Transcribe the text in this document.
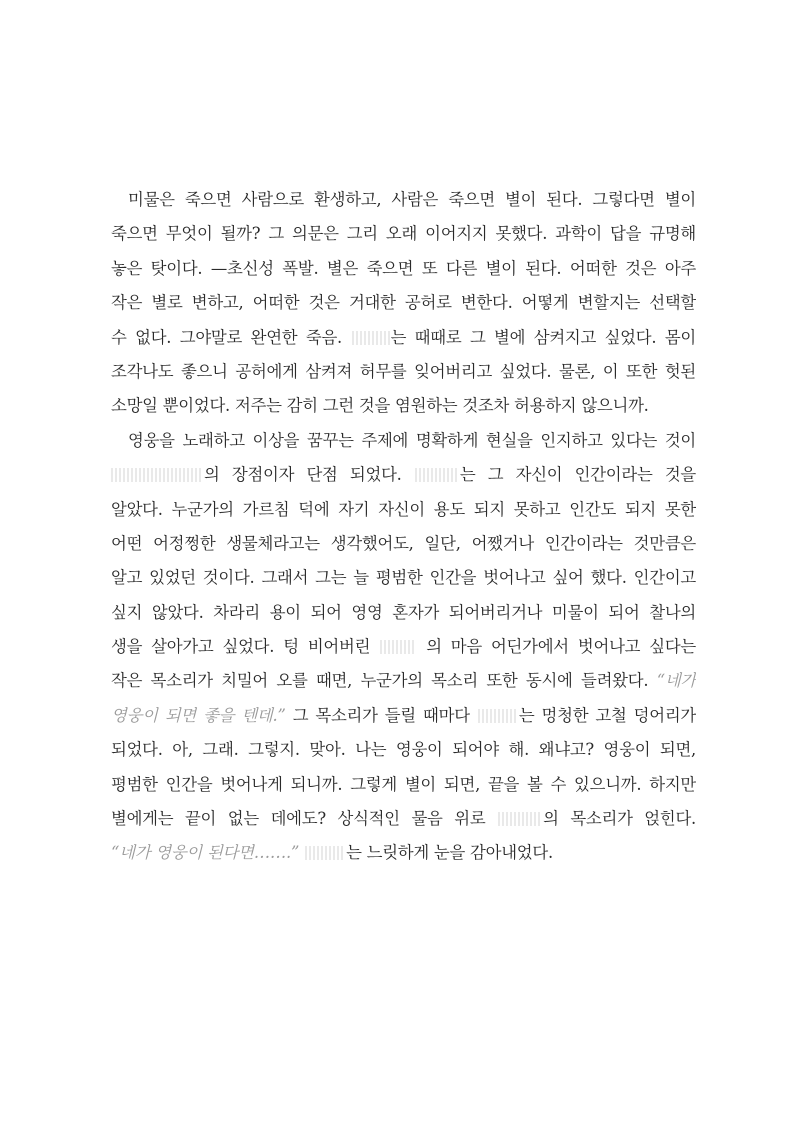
미물은 죽으면 사람으로 환생하고, 사람은 죽으면 별이 된다. 그렇다면 별이
죽으면 무엇이 될까? 그 의문은 그리 오래 이어지지 못했다. 과학이 답을 규명해
놓은 탓이다. —초신성 폭발. 별은 죽으면 또 다른 별이 된다. 어떠한 것은 아주
작은 별로 변하고, 어떠한 것은 거대한 공허로 변한다. 어떻게 변할지는 선택할
수 없다. 그야말로 완연한 죽음.	는 때때로 그 별에 삼켜지고 싶었다. 몸이
조각나도 좋으니 공허에게 삼켜져 허무를 잊어버리고 싶었다. 물론, 이 또한 헛된
소망일 뿐이었다. 저주는 감히 그런 것을 염원하는 것조차 허용하지 않으니까.
영웅을 노래하고 이상을 꿈꾸는 주제에 명확하게 현실을 인지하고 있다는 것이
의 장점이자 단점 되었다.	는 그 자신이 인간이라는 것을
알았다. 누군가의 가르침 덕에 자기 자신이 용도 되지 못하고 인간도 되지 못한
어떤 어정쩡한 생물체라고는 생각했어도, 일단, 어쨌거나 인간이라는 것만큼은
알고 있었던 것이다. 그래서 그는 늘 평범한 인간을 벗어나고 싶어 했다. 인간이고
싶지 않았다. 차라리 용이 되어 영영 혼자가 되어버리거나 미물이 되어 찰나의
생을 살아가고 싶었다. 텅 비어버린	의 마음 어딘가에서 벗어나고 싶다는
작은 목소리가 치밀어 오를 때면, 누군가의 목소리 또한 동시에 들려왔다. “네가
영웅이 되면 좋을 텐데.” 그 목소리가 들릴 때마다	는 멍청한 고철 덩어리가
되었다. 아, 그래. 그렇지. 맞아. 나는 영웅이 되어야 해. 왜냐고? 영웅이 되면,
평범한 인간을 벗어나게 되니까. 그렇게 별이 되면, 끝을 볼 수 있으니까. 하지만
별에게는 끝이 없는 데에도? 상식적인 물음 위로	의 목소리가 얹힌다.
“네가 영웅이 된다면…….”	는 느릿하게 눈을 감아내었다.
